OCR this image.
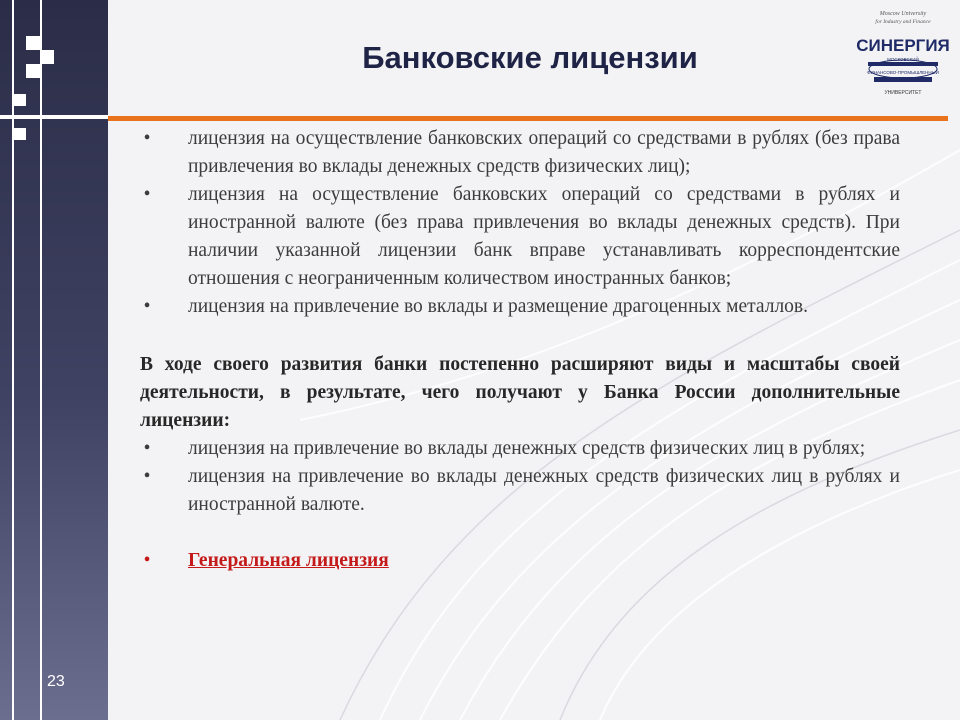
Банковские лицензии
Moscow University
for Industry and Finance
СИНЕРГИЯ
МОСКОВСКИЙ
ФИНАНСОВО-ПРОМЫШЛЕННЫЙ
УНИВЕРСИТЕТ
• лицензия на осуществление банковских операций со средствами в рублях (без права привлечения во вклады денежных средств физических лиц);
• лицензия на осуществление банковских операций со средствами в рублях и иностранной валюте (без права привлечения во вклады денежных средств). При наличии указанной лицензии банк вправе устанавливать корреспондентские отношения с неограниченным количеством иностранных банков;
• лицензия на привлечение во вклады и размещение драгоценных металлов.
В ходе своего развития банки постепенно расширяют виды и масштабы своей деятельности, в результате, чего получают у Банка России дополнительные лицензии:
• лицензия на привлечение во вклады денежных средств физических лиц в рублях;
• лицензия на привлечение во вклады денежных средств физических лиц в рублях и иностранной валюте.
• Генеральная лицензия
23
